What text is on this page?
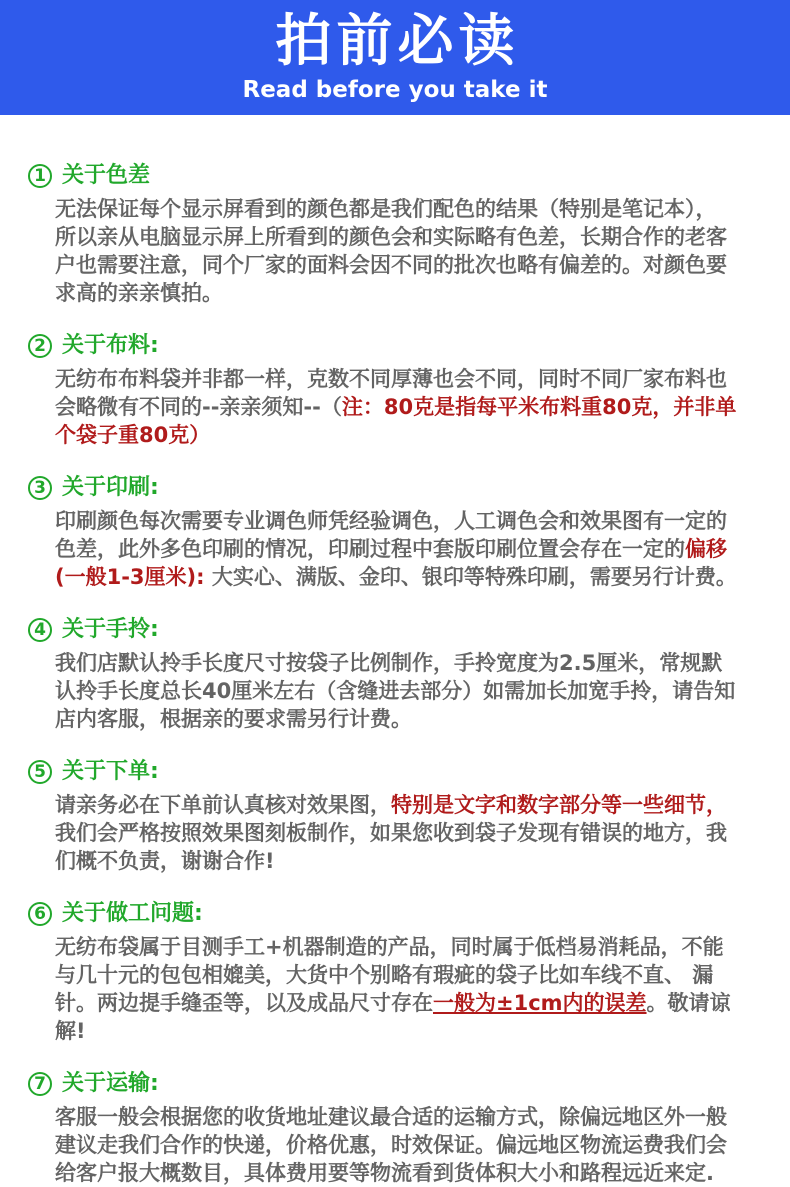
拍前必读
Read before you take it
1 关于色差

无法保证每个显示屏看到的颜色都是我们配色的结果（特别是笔记本），所以亲从电脑显示屏上所看到的颜色会和实际略有色差，长期合作的老客户也需要注意，同个厂家的面料会因不同的批次也略有偏差的。对颜色要求高的亲亲慎拍。

2 关于布料:

无纺布布料袋并非都一样，克数不同厚薄也会不同，同时不同厂家布料也会略微有不同的--亲亲须知--（注：80克是指每平米布料重80克，并非单个袋子重80克）

3 关于印刷:

印刷颜色每次需要专业调色师凭经验调色，人工调色会和效果图有一定的色差，此外多色印刷的情况，印刷过程中套版印刷位置会存在一定的偏移(一般1-3厘米): 大实心、满版、金印、银印等特殊印刷，需要另行计费。

4 关于手拎:

我们店默认拎手长度尺寸按袋子比例制作，手拎宽度为2.5厘米，常规默认拎手长度总长40厘米左右（含缝进去部分）如需加长加宽手拎，请告知店内客服，根据亲的要求需另行计费。

5 关于下单:

请亲务必在下单前认真核对效果图，特别是文字和数字部分等一些细节，我们会严格按照效果图刻板制作，如果您收到袋子发现有错误的地方，我们概不负责，谢谢合作!

6 关于做工问题:

无纺布袋属于目测手工+机器制造的产品，同时属于低档易消耗品，不能与几十元的包包相媲美，大货中个别略有瑕疵的袋子比如车线不直、 漏针。两边提手缝歪等，以及成品尺寸存在一般为±1cm内的误差。敬请谅解!

7 关于运输:

客服一般会根据您的收货地址建议最合适的运输方式，除偏远地区外一般建议走我们合作的快递，价格优惠，时效保证。偏远地区物流运费我们会给客户报大概数目，具体费用要等物流看到货体积大小和路程远近来定.
